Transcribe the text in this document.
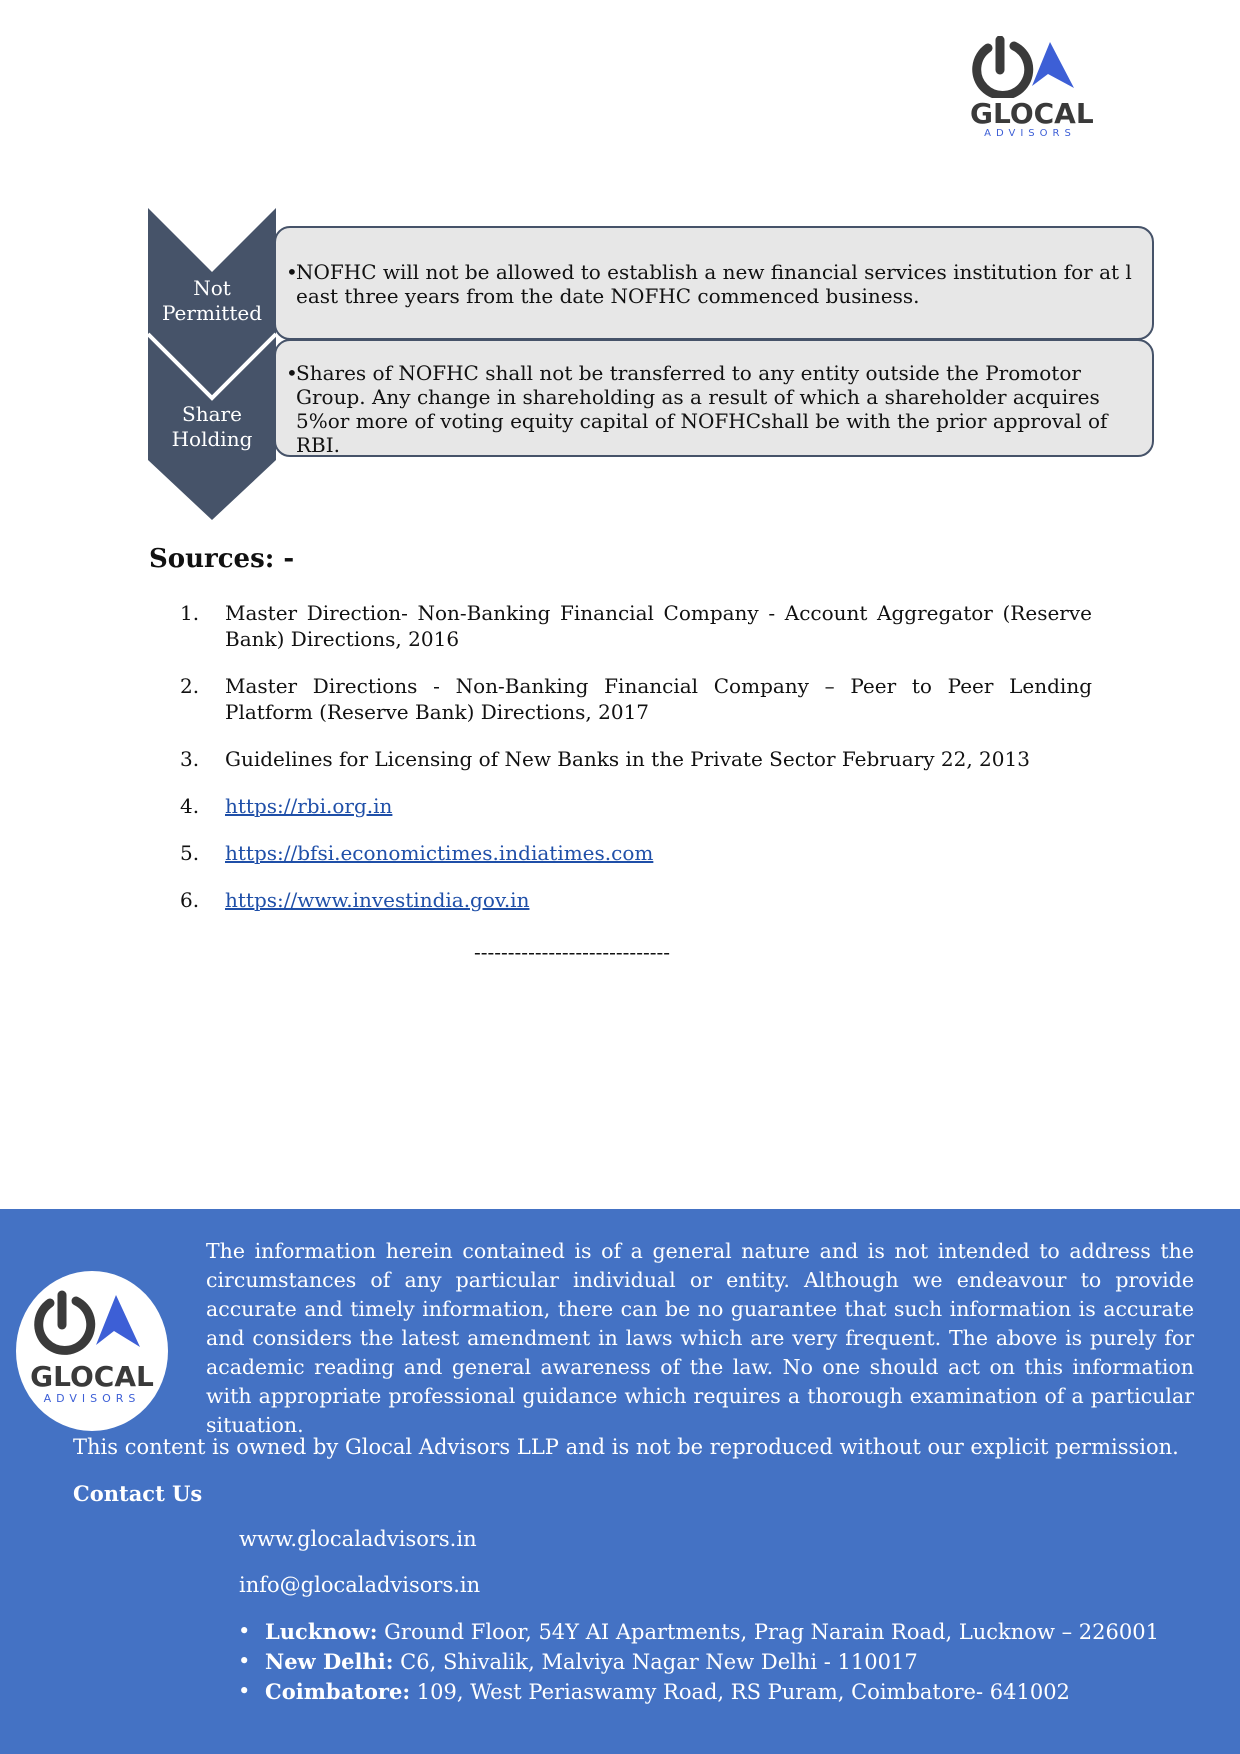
GLOCAL
ADVISORS
Not
Permitted
Share
Holding
•
NOFHC will not be allowed to establish a new financial services institution for at least three years from the date NOFHC commenced business.
•
Shares of NOFHC shall not be transferred to any entity outside the Promotor Group. Any change in shareholding as a result of which a shareholder acquires 5%or more of voting equity capital of NOFHCshall be with the prior approval of RBI.
Sources: -
1.	Master Direction- Non-Banking Financial Company - Account Aggregator (Reserve Bank) Directions, 2016
2.	Master Directions - Non-Banking Financial Company – Peer to Peer Lending Platform (Reserve Bank) Directions, 2017
3.	Guidelines for Licensing of New Banks in the Private Sector February 22, 2013
4.	https://rbi.org.in
5.	https://bfsi.economictimes.indiatimes.com
6.	https://www.investindia.gov.in
-----------------------------
GLOCAL
ADVISORS
The information herein contained is of a general nature and is not intended to address the circumstances of any particular individual or entity. Although we endeavour to provide accurate and timely information, there can be no guarantee that such information is accurate and considers the latest amendment in laws which are very frequent. The above is purely for academic reading and general awareness of the law. No one should act on this information with appropriate professional guidance which requires a thorough examination of a particular situation.
This content is owned by Glocal Advisors LLP and is not be reproduced without our explicit permission.
Contact Us
www.glocaladvisors.in
info@glocaladvisors.in
• Lucknow: Ground Floor, 54Y AI Apartments, Prag Narain Road, Lucknow – 226001
• New Delhi: C6, Shivalik, Malviya Nagar New Delhi - 110017
• Coimbatore: 109, West Periaswamy Road, RS Puram, Coimbatore- 641002
